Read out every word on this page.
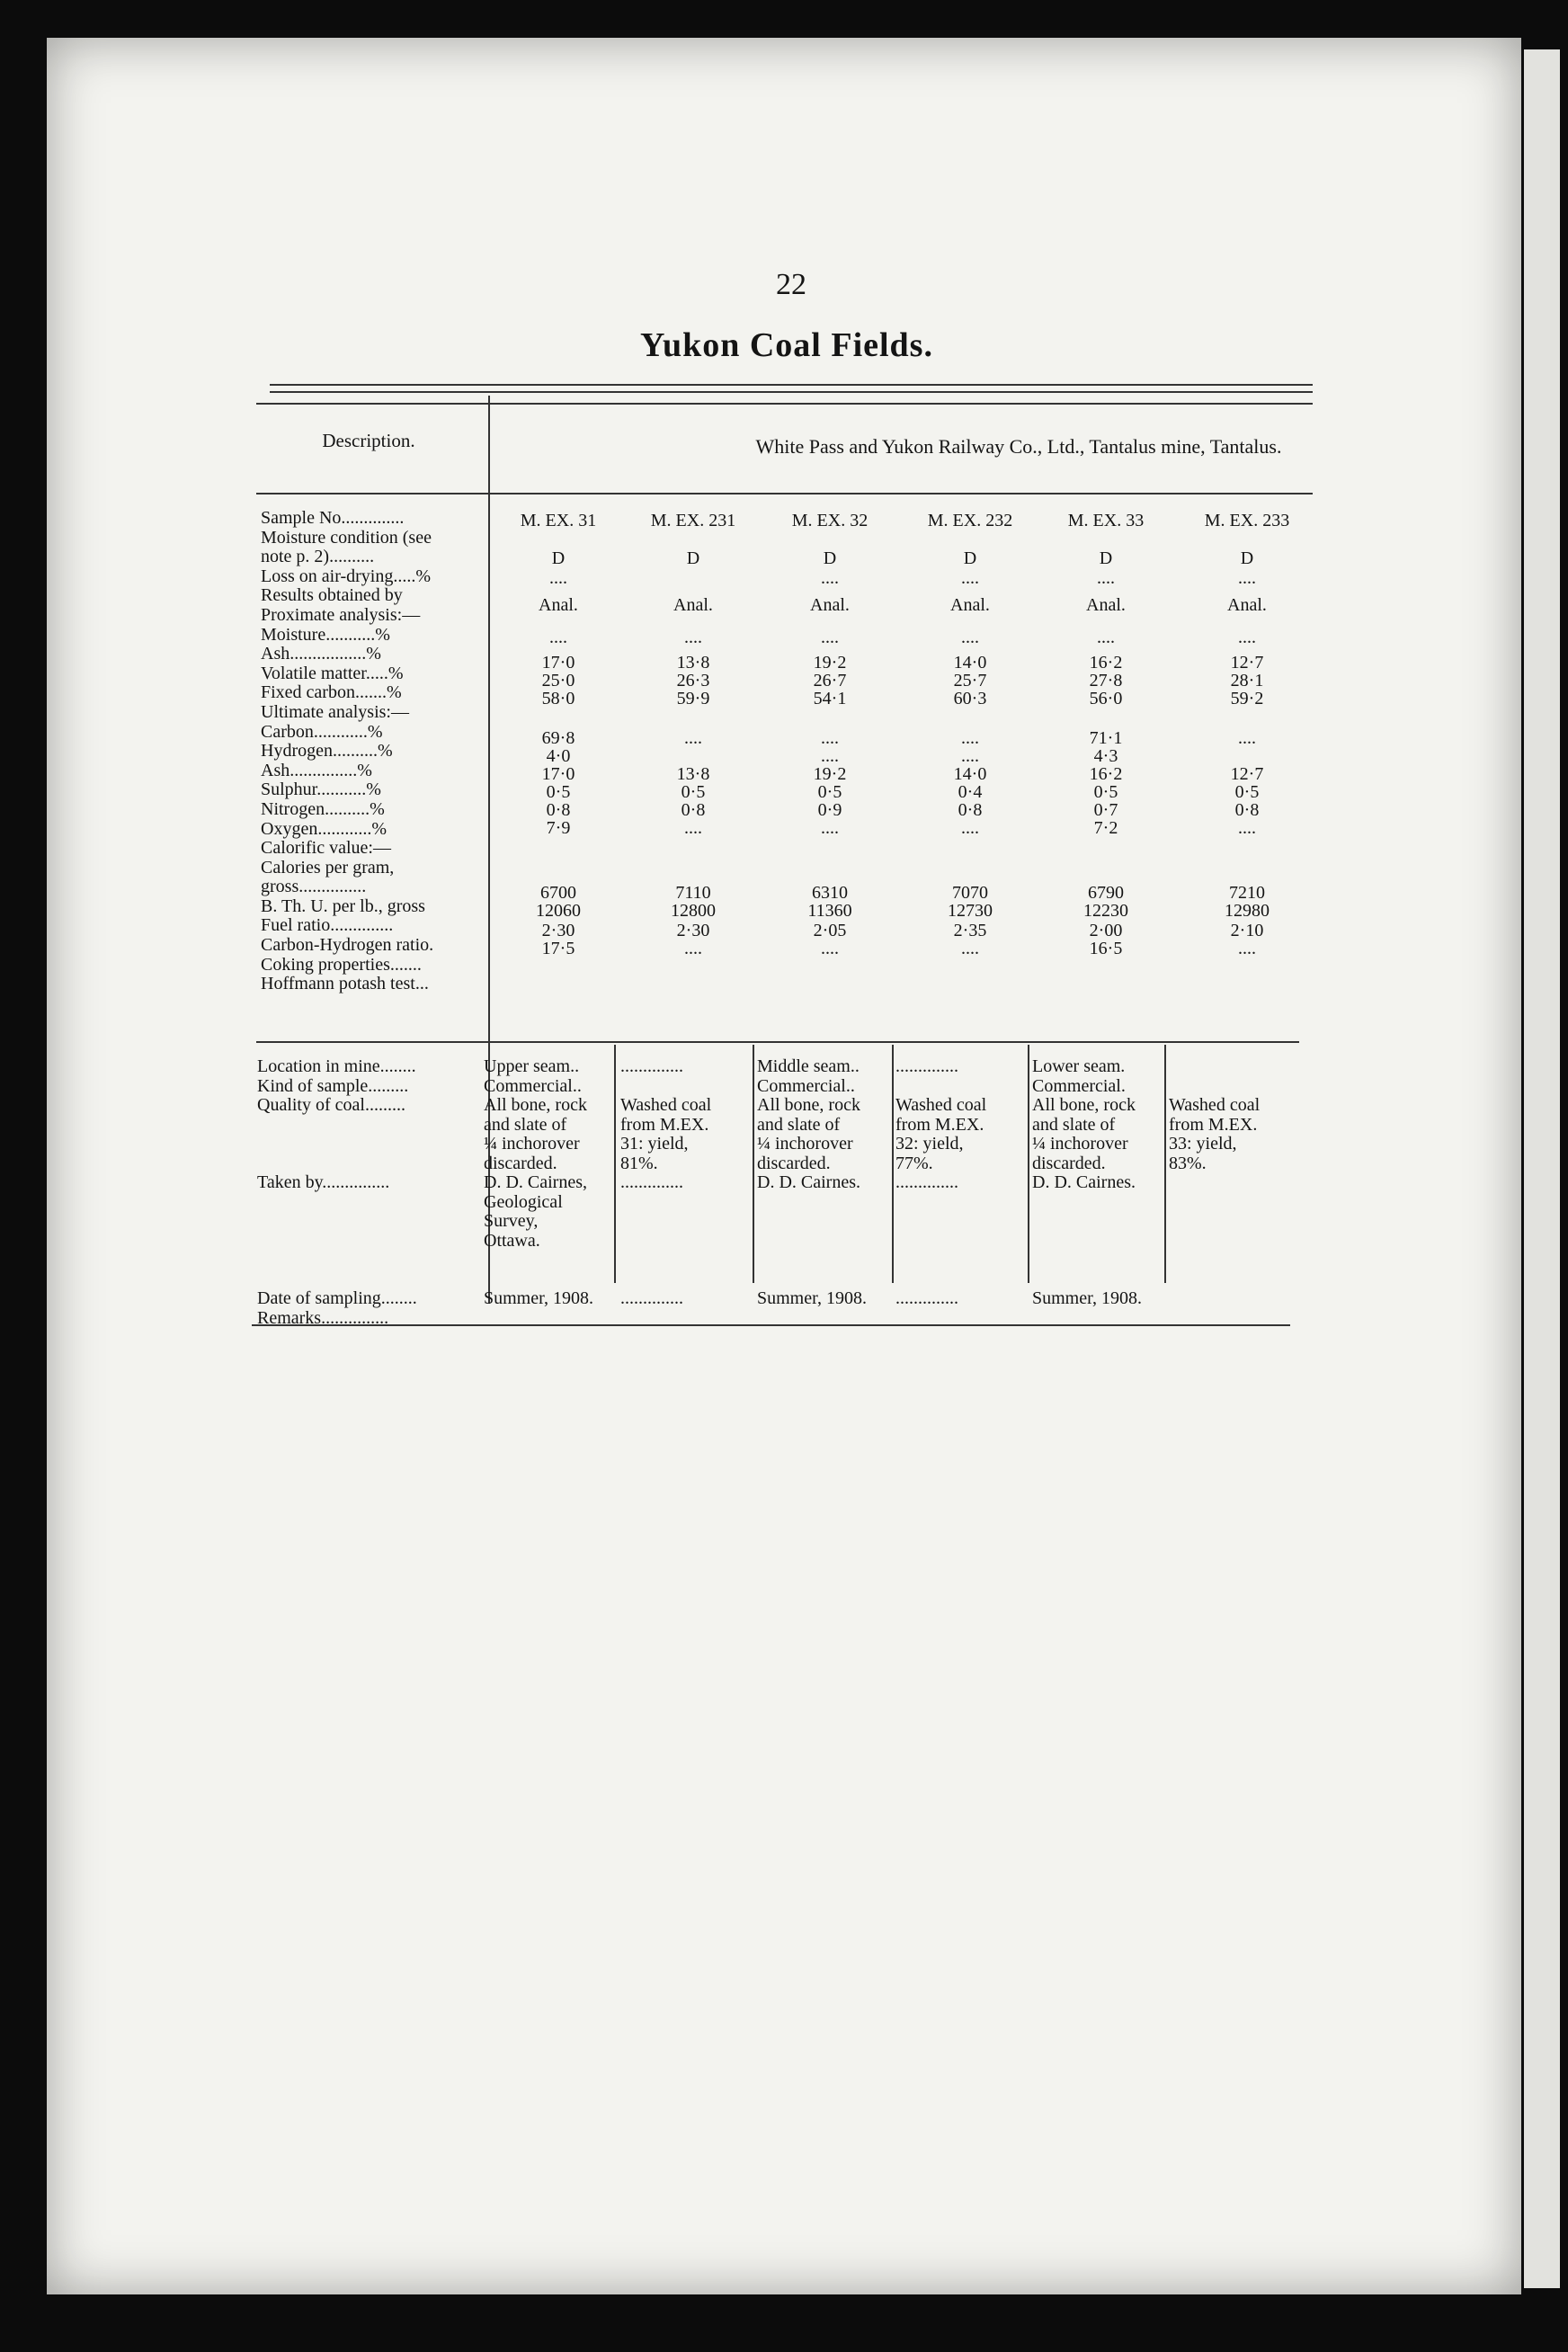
22
Yukon Coal Fields.
Description.	White Pass and Yukon Railway Co., Ltd., Tantalus mine, Tantalus.
Sample No..............
Moisture condition (see
note p. 2)..........
Loss on air-drying.....%
Results obtained by
Proximate analysis:—
Moisture...........%
Ash.................%
Volatile matter.....%
Fixed carbon.......%
Ultimate analysis:—
Carbon............%
Hydrogen..........%
Ash...............%
Sulphur...........%
Nitrogen..........%
Oxygen............%
Calorific value:—
Calories per gram,
gross...............
B. Th. U. per lb., gross
Fuel ratio..............
Carbon-Hydrogen ratio.
Coking properties.......
Hoffmann potash test...
M. EX. 31
D
....
Anal.
....
17·0
25·0
58·0
69·8
4·0
17·0
0·5
0·8
7·9
6700
12060
2·30
17·5
M. EX. 231
D
Anal.
....
13·8
26·3
59·9
....
13·8
0·5
0·8
....
7110
12800
2·30
....
M. EX. 32
D
....
Anal.
....
19·2
26·7
54·1
....
....
19·2
0·5
0·9
....
6310
11360
2·05
....
M. EX. 232
D
....
Anal.
....
14·0
25·7
60·3
....
....
14·0
0·4
0·8
....
7070
12730
2·35
....
M. EX. 33
D
....
Anal.
....
16·2
27·8
56·0
71·1
4·3
16·2
0·5
0·7
7·2
6790
12230
2·00
16·5
M. EX. 233
D
....
Anal.
....
12·7
28·1
59·2
....
12·7
0·5
0·8
....
7210
12980
2·10
....
Location in mine........
Kind of sample.........
Quality of coal.........

Taken by...............

Date of sampling........
Remarks...............
Upper seam..
Commercial..
All bone, rock
and slate of
¼ inchorover
discarded.
D. D. Cairnes,
Geological
Survey,
Ottawa.

Summer, 1908.
..............

Washed coal
from M.EX.
31: yield,
81%.
..............

..............
Middle seam..
Commercial..
All bone, rock
and slate of
¼ inchorover
discarded.
D. D. Cairnes.

Summer, 1908.
..............

Washed coal
from M.EX.
32: yield,
77%.
..............

..............
Lower seam.
Commercial.
All bone, rock
and slate of
¼ inchorover
discarded.
D. D. Cairnes.

Summer, 1908.

Washed coal
from M.EX.
33: yield,
83%.
